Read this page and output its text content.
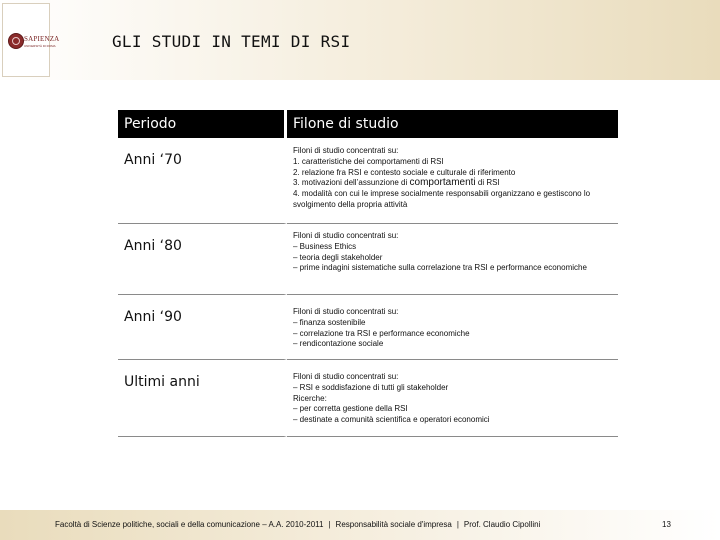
SAPIENZA
UNIVERSITÀ DI ROMA	GLI STUDI IN TEMI DI RSI
Periodo	Filone di studio
Anni ‘70	Filoni di studio concentrati su:
1. caratteristiche dei comportamenti di RSI
2. relazione fra RSI e contesto sociale e culturale di riferimento
3. motivazioni dell’assunzione di comportamenti di RSI
4. modalità con cui le imprese socialmente responsabili organizzano e gestiscono lo svolgimento della propria attività

Anni ‘80	Filoni di studio concentrati su:
– Business Ethics
– teoria degli stakeholder
– prime indagini sistematiche sulla correlazione tra RSI e performance economiche

Anni ‘90	Filoni di studio concentrati su:
– finanza sostenibile
– correlazione tra RSI e performance economiche
– rendicontazione sociale

Ultimi anni	Filoni di studio concentrati su:
– RSI e soddisfazione di tutti gli stakeholder
Ricerche:
– per corretta gestione della RSI
– destinate a comunità scientifica e operatori economici
Facoltà di Scienze politiche, sociali e della comunicazione – A.A. 2010-2011 | Responsabilità sociale d'impresa | Prof. Claudio Cipollini	13
